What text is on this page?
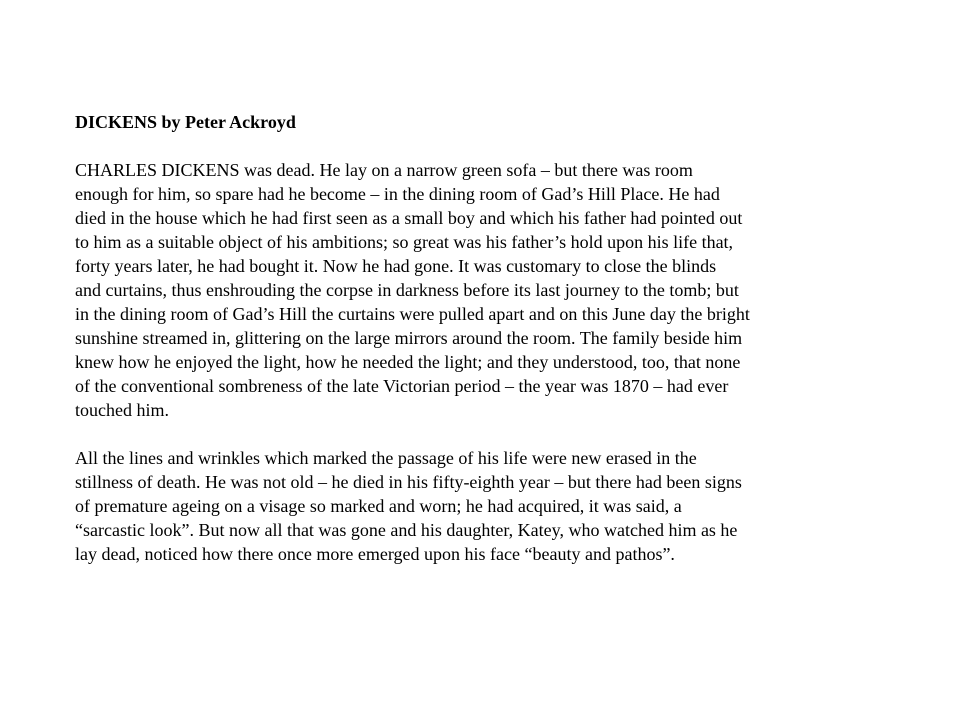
DICKENS by Peter Ackroyd

CHARLES DICKENS was dead. He lay on a narrow green sofa – but there was room
enough for him, so spare had he become – in the dining room of Gad’s Hill Place. He had
died in the house which he had first seen as a small boy and which his father had pointed out
to him as a suitable object of his ambitions; so great was his father’s hold upon his life that,
forty years later, he had bought it. Now he had gone. It was customary to close the blinds
and curtains, thus enshrouding the corpse in darkness before its last journey to the tomb; but
in the dining room of Gad’s Hill the curtains were pulled apart and on this June day the bright
sunshine streamed in, glittering on the large mirrors around the room. The family beside him
knew how he enjoyed the light, how he needed the light; and they understood, too, that none
of the conventional sombreness of the late Victorian period – the year was 1870 – had ever
touched him.

All the lines and wrinkles which marked the passage of his life were new erased in the
stillness of death. He was not old – he died in his fifty-eighth year – but there had been signs
of premature ageing on a visage so marked and worn; he had acquired, it was said, a
“sarcastic look”. But now all that was gone and his daughter, Katey, who watched him as he
lay dead, noticed how there once more emerged upon his face “beauty and pathos”.
